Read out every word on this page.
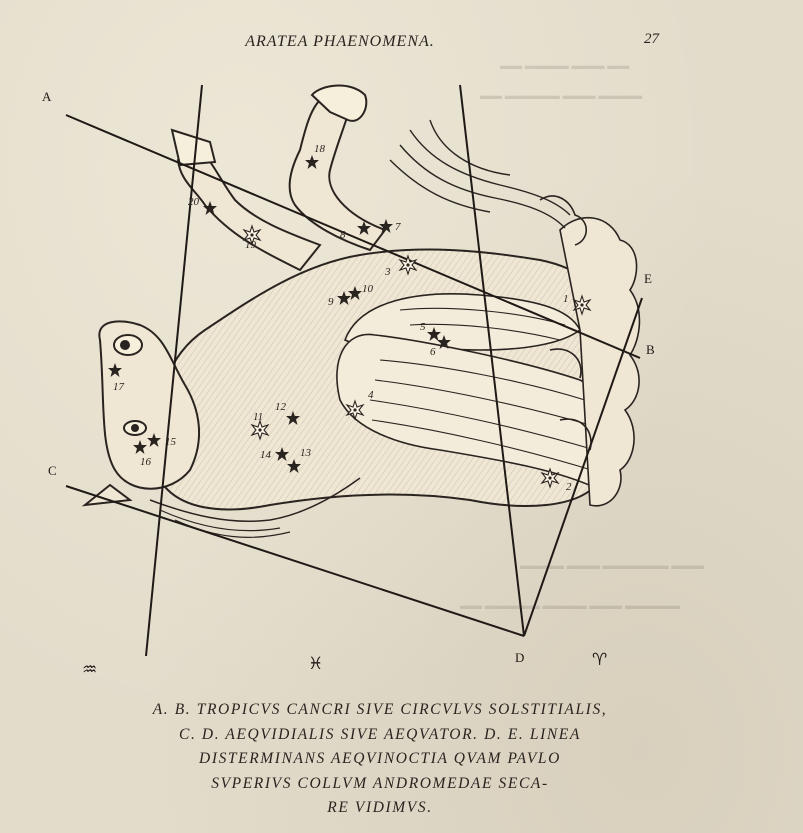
ARATEA PHAENOMENA.	27
▬▬ ▬▬▬ ▬▬▬▬ ▬▬
▬▬▬▬ ▬▬▬ ▬▬▬▬▬ ▬▬
▬▬▬ ▬▬▬▬▬▬ ▬▬▬ ▬▬▬▬
▬▬▬▬▬ ▬▬▬ ▬▬▬▬ ▬▬▬▬▬ ▬▬
1
2
3
4
5
6
7
8
9
10
11
12
13
14
15
16
17
18
19
20
A
B
C
D
E
♒	♓	♈
A. B. TROPICVS CANCRI SIVE CIRCVLVS SOLSTITIALIS,
C. D. AEQVIDIALIS SIVE AEQVATOR. D. E. LINEA
DISTERMINANS AEQVINOCTIA QVAM PAVLO
SVPERIVS COLLVM ANDROMEDAE SECA-
RE VIDIMVS.
